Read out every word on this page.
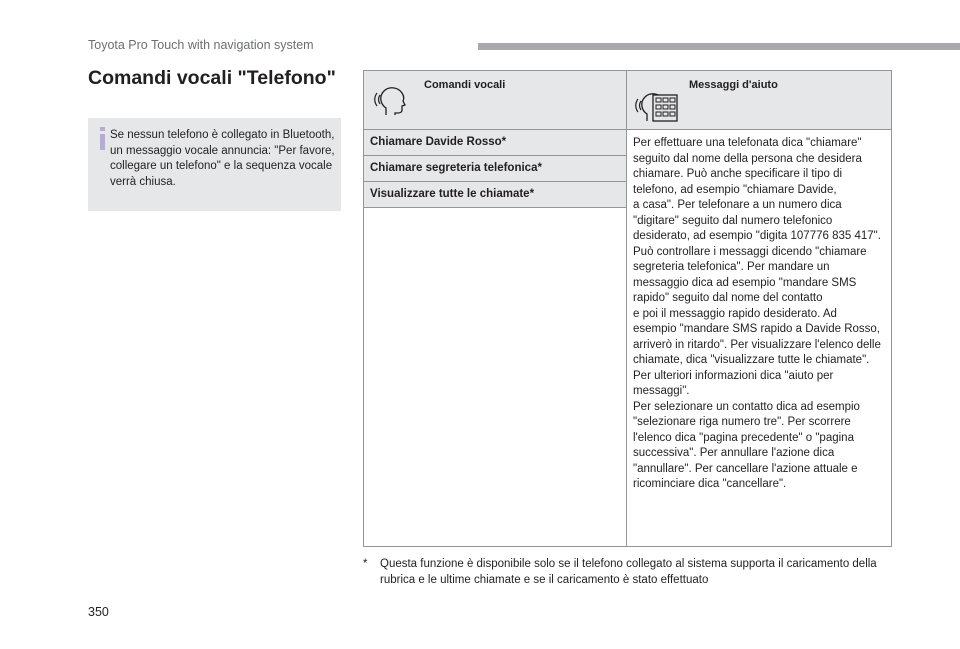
Toyota Pro Touch with navigation system
Comandi vocali "Telefono"
Se nessun telefono è collegato in Bluetooth, un messaggio vocale annuncia: "Per favore, collegare un telefono" e la sequenza vocale verrà chiusa.
Comandi vocali	Messaggi d'aiuto

Chiamare Davide Rosso*	Per effettuare una telefonata dica "chiamare" seguito dal nome della persona che desidera chiamare. Può anche specificare il tipo di telefono, ad esempio "chiamare Davide,
a casa". Per telefonare a un numero dica "digitare" seguito dal numero telefonico desiderato, ad esempio "digita 107776 835 417". Può controllare i messaggi dicendo "chiamare segreteria telefonica". Per mandare un messaggio dica ad esempio "mandare SMS rapido" seguito dal nome del contatto
e poi il messaggio rapido desiderato. Ad esempio "mandare SMS rapido a Davide Rosso, arriverò in ritardo". Per visualizzare l'elenco delle chiamate, dica "visualizzare tutte le chiamate". Per ulteriori informazioni dica "aiuto per messaggi".
Per selezionare un contatto dica ad esempio "selezionare riga numero tre". Per scorrere l'elenco dica "pagina precedente" o "pagina successiva". Per annullare l'azione dica "annullare". Per cancellare l'azione attuale e ricominciare dica "cancellare".

Chiamare segreteria telefonica*	

Visualizzare tutte le chiamate*	

* Questa funzione è disponibile solo se il telefono collegato al sistema supporta il caricamento della rubrica e le ultime chiamate e se il caricamento è stato effettuato
350
